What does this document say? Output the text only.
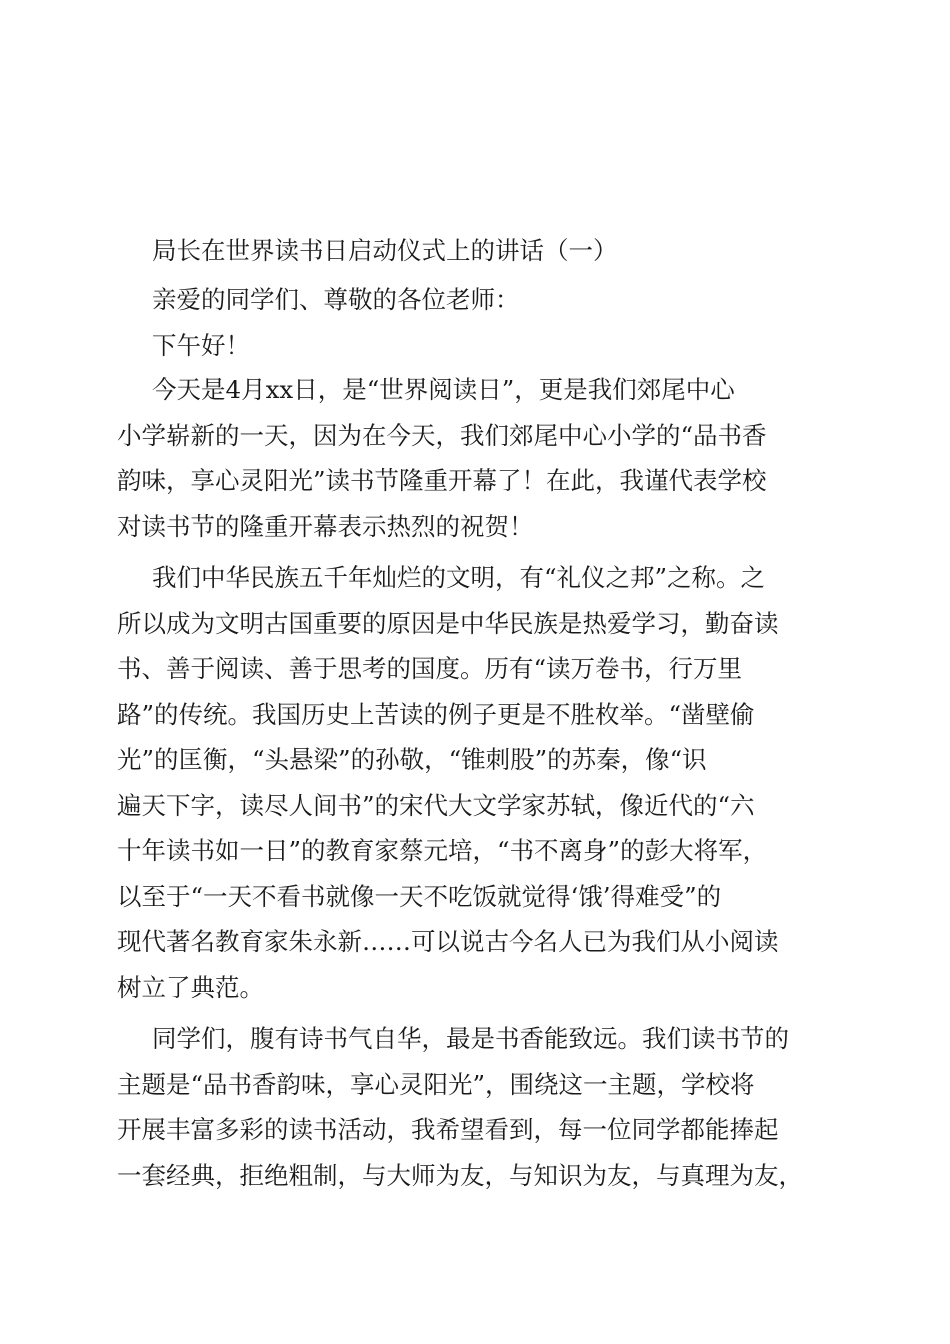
局长在世界读书日启动仪式上的讲话（一）
亲爱的同学们、尊敬的各位老师：
下午好！
今天是4月xx日，是“世界阅读日”，更是我们郊尾中心
小学崭新的一天，因为在今天，我们郊尾中心小学的“品书香
韵味，享心灵阳光”读书节隆重开幕了！在此，我谨代表学校
对读书节的隆重开幕表示热烈的祝贺！
我们中华民族五千年灿烂的文明，有“礼仪之邦”之称。之
所以成为文明古国重要的原因是中华民族是热爱学习，勤奋读
书、善于阅读、善于思考的国度。历有“读万卷书，行万里
路”的传统。我国历史上苦读的例子更是不胜枚举。“凿壁偷
光”的匡衡，“头悬梁”的孙敬，“锥刺股”的苏秦，像“识
遍天下字，读尽人间书”的宋代大文学家苏轼，像近代的“六
十年读书如一日”的教育家蔡元培，“书不离身”的彭大将军，
以至于“一天不看书就像一天不吃饭就觉得‘饿’得难受”的
现代著名教育家朱永新……可以说古今名人已为我们从小阅读
树立了典范。
同学们，腹有诗书气自华，最是书香能致远。我们读书节的
主题是“品书香韵味，享心灵阳光”，围绕这一主题，学校将
开展丰富多彩的读书活动，我希望看到，每一位同学都能捧起
一套经典，拒绝粗制，与大师为友，与知识为友，与真理为友，
